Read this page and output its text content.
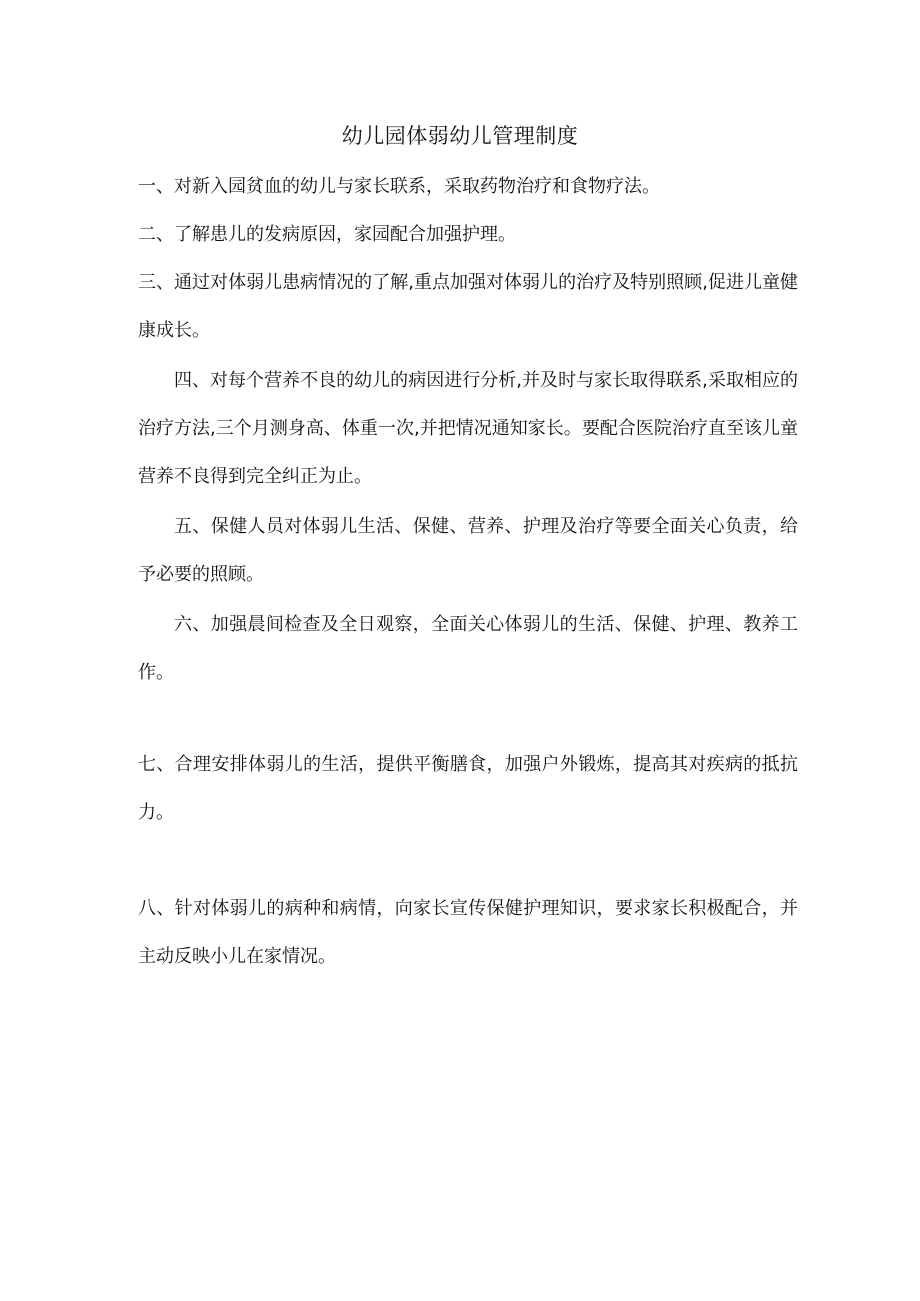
幼儿园体弱幼儿管理制度

一、对新入园贫血的幼儿与家长联系，采取药物治疗和食物疗法。

二、了解患儿的发病原因，家园配合加强护理。

三、通过对体弱儿患病情况的了解,重点加强对体弱儿的治疗及特别照顾,促进儿童健康成长。

四、对每个营养不良的幼儿的病因进行分析,并及时与家长取得联系,采取相应的治疗方法,三个月测身高、体重一次,并把情况通知家长。要配合医院治疗直至该儿童营养不良得到完全纠正为止。

五、保健人员对体弱儿生活、保健、营养、护理及治疗等要全面关心负责，给予必要的照顾。

六、加强晨间检查及全日观察，全面关心体弱儿的生活、保健、护理、教养工作。

七、合理安排体弱儿的生活，提供平衡膳食，加强户外锻炼，提高其对疾病的抵抗力。

八、针对体弱儿的病种和病情，向家长宣传保健护理知识，要求家长积极配合，并主动反映小儿在家情况。
